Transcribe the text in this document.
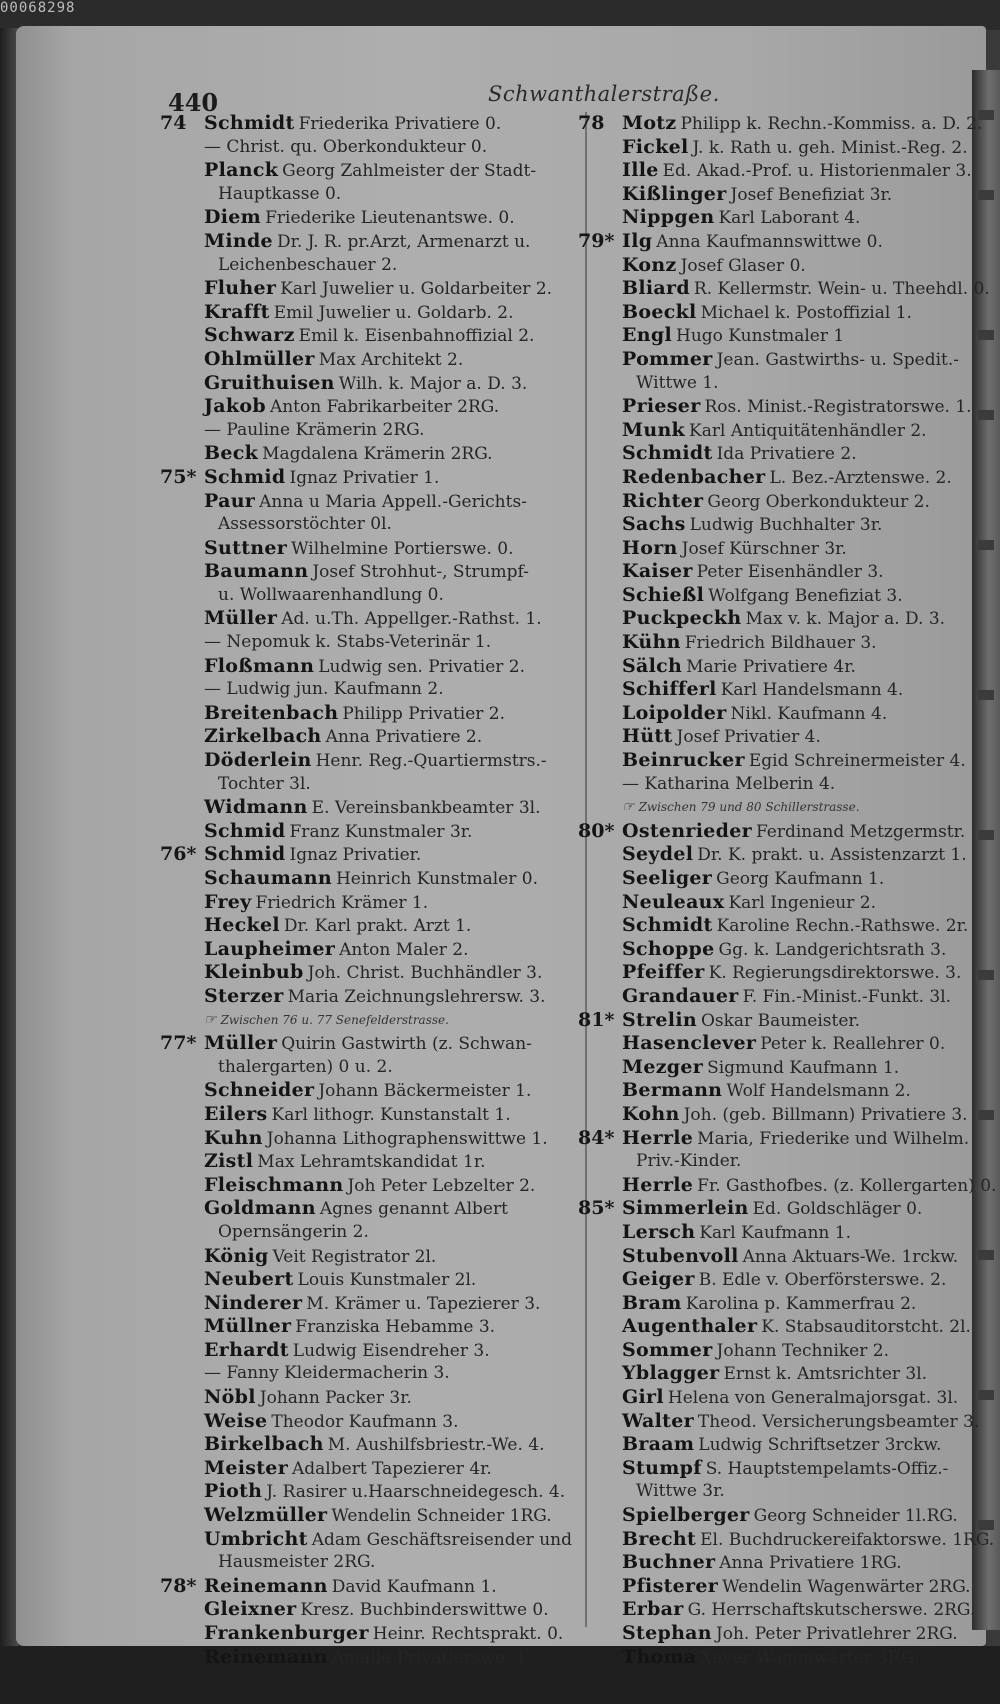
00068298
440	Schwanthalerstraße.
74 Schmidt Friederika Privatiere 0.
— Christ. qu. Oberkondukteur 0.
Planck Georg Zahlmeister der Stadt-
Hauptkasse 0.
Diem Friederike Lieutenantswe. 0.
Minde Dr. J. R. pr.Arzt, Armenarzt u.
Leichenbeschauer 2.
Fluher Karl Juwelier u. Goldarbeiter 2.
Krafft Emil Juwelier u. Goldarb. 2.
Schwarz Emil k. Eisenbahnoffizial 2.
Ohlmüller Max Architekt 2.
Gruithuisen Wilh. k. Major a. D. 3.
Jakob Anton Fabrikarbeiter 2RG.
— Pauline Krämerin 2RG.
Beck Magdalena Krämerin 2RG.
75* Schmid Ignaz Privatier 1.
Paur Anna u Maria Appell.-Gerichts-
Assessorstöchter 0l.
Suttner Wilhelmine Portierswe. 0.
Baumann Josef Strohhut-, Strumpf-
u. Wollwaarenhandlung 0.
Müller Ad. u.Th. Appellger.-Rathst. 1.
— Nepomuk k. Stabs-Veterinär 1.
Floßmann Ludwig sen. Privatier 2.
— Ludwig jun. Kaufmann 2.
Breitenbach Philipp Privatier 2.
Zirkelbach Anna Privatiere 2.
Döderlein Henr. Reg.-Quartiermstrs.-
Tochter 3l.
Widmann E. Vereinsbankbeamter 3l.
Schmid Franz Kunstmaler 3r.
76* Schmid Ignaz Privatier.
Schaumann Heinrich Kunstmaler 0.
Frey Friedrich Krämer 1.
Heckel Dr. Karl prakt. Arzt 1.
Laupheimer Anton Maler 2.
Kleinbub Joh. Christ. Buchhändler 3.
Sterzer Maria Zeichnungslehrersw. 3.
☞ Zwischen 76 u. 77 Senefelderstrasse.
77* Müller Quirin Gastwirth (z. Schwan-
thalergarten) 0 u. 2.
Schneider Johann Bäckermeister 1.
Eilers Karl lithogr. Kunstanstalt 1.
Kuhn Johanna Lithographenswittwe 1.
Zistl Max Lehramtskandidat 1r.
Fleischmann Joh Peter Lebzelter 2.
Goldmann Agnes genannt Albert
Opernsängerin 2.
König Veit Registrator 2l.
Neubert Louis Kunstmaler 2l.
Ninderer M. Krämer u. Tapezierer 3.
Müllner Franziska Hebamme 3.
Erhardt Ludwig Eisendreher 3.
— Fanny Kleidermacherin 3.
Nöbl Johann Packer 3r.
Weise Theodor Kaufmann 3.
Birkelbach M. Aushilfsbriestr.-We. 4.
Meister Adalbert Tapezierer 4r.
Pioth J. Rasirer u.Haarschneidegesch. 4.
Welzmüller Wendelin Schneider 1RG.
Umbricht Adam Geschäftsreisender und
Hausmeister 2RG.
78* Reinemann David Kaufmann 1.
Gleixner Kresz. Buchbinderswittwe 0.
Frankenburger Heinr. Rechtsprakt. 0.
Reinemann Amalie Privatierswe. 1.
78 Motz Philipp k. Rechn.-Kommiss. a. D. 2.
Fickel J. k. Rath u. geh. Minist.-Reg. 2.
Ille Ed. Akad.-Prof. u. Historienmaler 3.
Kißlinger Josef Benefiziat 3r.
Nippgen Karl Laborant 4.
79* Ilg Anna Kaufmannswittwe 0.
Konz Josef Glaser 0.
Bliard R. Kellermstr. Wein- u. Theehdl. 0.
Boeckl Michael k. Postoffizial 1.
Engl Hugo Kunstmaler 1
Pommer Jean. Gastwirths- u. Spedit.-
Wittwe 1.
Prieser Ros. Minist.-Registratorswe. 1.
Munk Karl Antiquitätenhändler 2.
Schmidt Ida Privatiere 2.
Redenbacher L. Bez.-Arztenswe. 2.
Richter Georg Oberkondukteur 2.
Sachs Ludwig Buchhalter 3r.
Horn Josef Kürschner 3r.
Kaiser Peter Eisenhändler 3.
Schießl Wolfgang Benefiziat 3.
Puckpeckh Max v. k. Major a. D. 3.
Kühn Friedrich Bildhauer 3.
Sälch Marie Privatiere 4r.
Schifferl Karl Handelsmann 4.
Loipolder Nikl. Kaufmann 4.
Hütt Josef Privatier 4.
Beinrucker Egid Schreinermeister 4.
— Katharina Melberin 4.
☞ Zwischen 79 und 80 Schillerstrasse.
80* Ostenrieder Ferdinand Metzgermstr.
Seydel Dr. K. prakt. u. Assistenzarzt 1.
Seeliger Georg Kaufmann 1.
Neuleaux Karl Ingenieur 2.
Schmidt Karoline Rechn.-Rathswe. 2r.
Schoppe Gg. k. Landgerichtsrath 3.
Pfeiffer K. Regierungsdirektorswe. 3.
Grandauer F. Fin.-Minist.-Funkt. 3l.
81* Strelin Oskar Baumeister.
Hasenclever Peter k. Reallehrer 0.
Mezger Sigmund Kaufmann 1.
Bermann Wolf Handelsmann 2.
Kohn Joh. (geb. Billmann) Privatiere 3.
84* Herrle Maria, Friederike und Wilhelm.
Priv.-Kinder.
Herrle Fr. Gasthofbes. (z. Kollergarten) 0.
85* Simmerlein Ed. Goldschläger 0.
Lersch Karl Kaufmann 1.
Stubenvoll Anna Aktuars-We. 1rckw.
Geiger B. Edle v. Oberförsterswe. 2.
Bram Karolina p. Kammerfrau 2.
Augenthaler K. Stabsauditorstcht. 2l.
Sommer Johann Techniker 2.
Yblagger Ernst k. Amtsrichter 3l.
Girl Helena von Generalmajorsgat. 3l.
Walter Theod. Versicherungsbeamter 3.
Braam Ludwig Schriftsetzer 3rckw.
Stumpf S. Hauptstempelamts-Offiz.-
Wittwe 3r.
Spielberger Georg Schneider 1l.RG.
Brecht El. Buchdruckereifaktorswe. 1RG.
Buchner Anna Privatiere 1RG.
Pfisterer Wendelin Wagenwärter 2RG.
Erbar G. Herrschaftskutscherswe. 2RG.
Stephan Joh. Peter Privatlehrer 2RG.
Thoma Xaver Wagenwärter 3RG.
